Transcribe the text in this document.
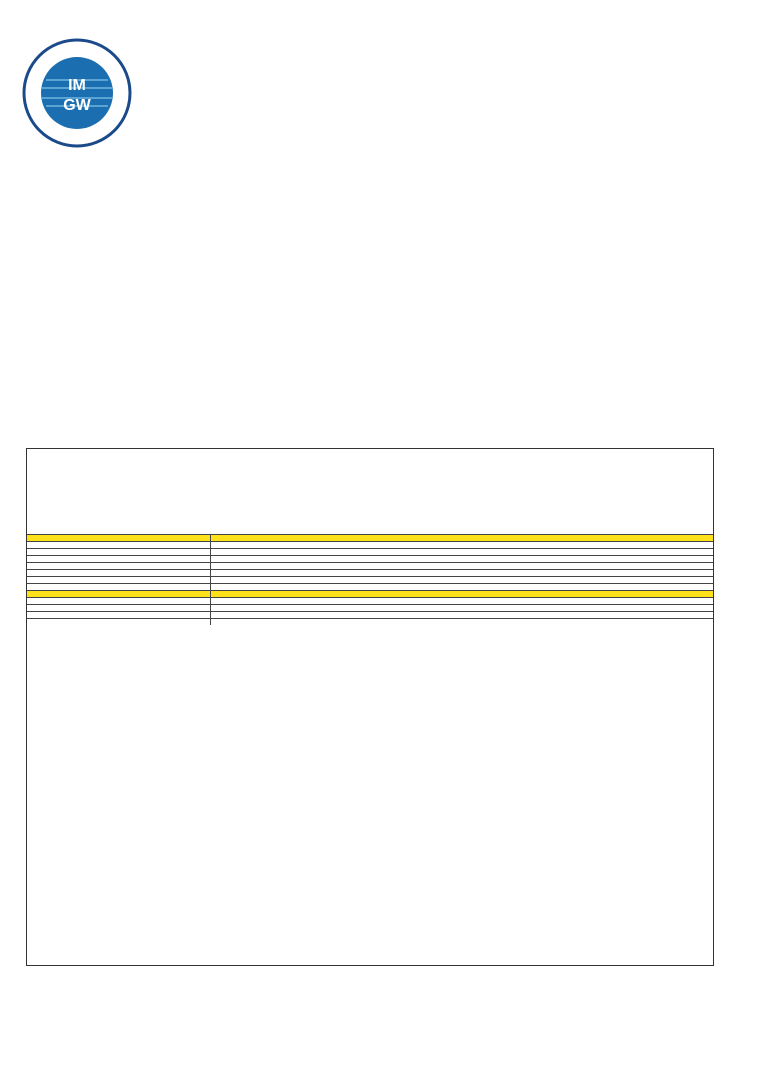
IM
GW
